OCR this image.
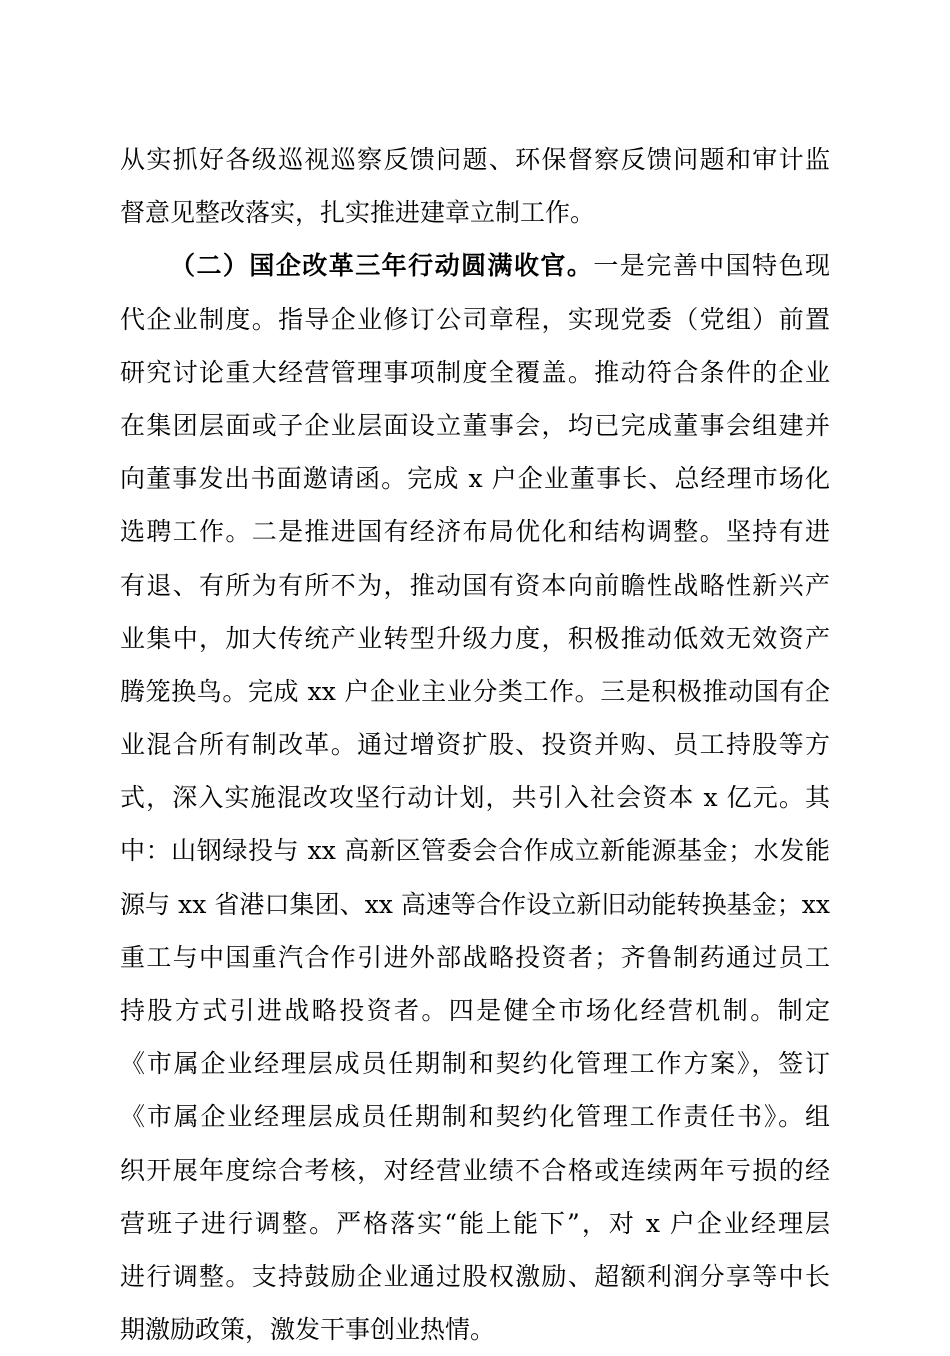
从实抓好各级巡视巡察反馈问题、环保督察反馈问题和审计监
督意见整改落实，扎实推进建章立制工作。
（二）国企改革三年行动圆满收官。一是完善中国特色现
代企业制度。指导企业修订公司章程，实现党委（党组）前置
研究讨论重大经营管理事项制度全覆盖。推动符合条件的企业
在集团层面或子企业层面设立董事会，均已完成董事会组建并
向董事发出书面邀请函。完成 x 户企业董事长、总经理市场化
选聘工作。二是推进国有经济布局优化和结构调整。坚持有进
有退、有所为有所不为，推动国有资本向前瞻性战略性新兴产
业集中，加大传统产业转型升级力度，积极推动低效无效资产
腾笼换鸟。完成 xx 户企业主业分类工作。三是积极推动国有企
业混合所有制改革。通过增资扩股、投资并购、员工持股等方
式，深入实施混改攻坚行动计划，共引入社会资本 x 亿元。其
中：山钢绿投与 xx 高新区管委会合作成立新能源基金；水发能
源与 xx 省港口集团、xx 高速等合作设立新旧动能转换基金；xx
重工与中国重汽合作引进外部战略投资者；齐鲁制药通过员工
持股方式引进战略投资者。四是健全市场化经营机制。制定
《市属企业经理层成员任期制和契约化管理工作方案》，签订
《市属企业经理层成员任期制和契约化管理工作责任书》。组
织开展年度综合考核，对经营业绩不合格或连续两年亏损的经
营班子进行调整。严格落实“能上能下”，对 x 户企业经理层
进行调整。支持鼓励企业通过股权激励、超额利润分享等中长
期激励政策，激发干事创业热情。
